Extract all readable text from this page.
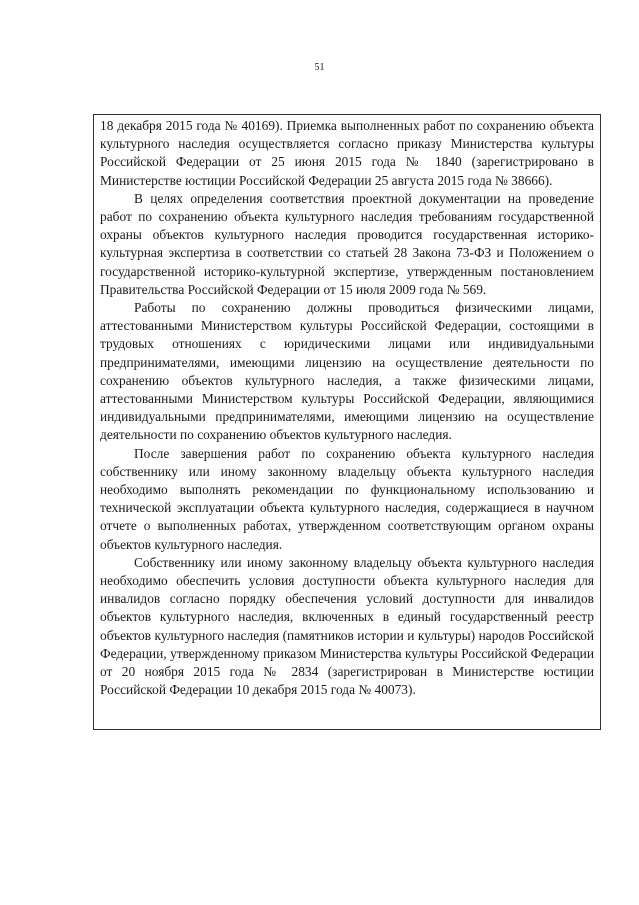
51

18 декабря 2015 года № 40169). Приемка выполненных работ по сохранению объекта культурного наследия осуществляется согласно приказу Министерства культуры Российской Федерации от 25 июня 2015 года № 1840 (зарегистрировано в Министерстве юстиции Российской Федерации 25 августа 2015 года № 38666).

В целях определения соответствия проектной документации на проведение работ по сохранению объекта культурного наследия требованиям государственной охраны объектов культурного наследия проводится государственная историко-культурная экспертиза в соответствии со статьей 28 Закона 73-ФЗ и Положением о государственной историко-культурной экспертизе, утвержденным постановлением Правительства Российской Федерации от 15 июля 2009 года № 569.

Работы по сохранению должны проводиться физическими лицами, аттестованными Министерством культуры Российской Федерации, состоящими в трудовых отношениях с юридическими лицами или индивидуальными предпринимателями, имеющими лицензию на осуществление деятельности по сохранению объектов культурного наследия, а также физическими лицами, аттестованными Министерством культуры Российской Федерации, являющимися индивидуальными предпринимателями, имеющими лицензию на осуществление деятельности по сохранению объектов культурного наследия.

После завершения работ по сохранению объекта культурного наследия собственнику или иному законному владельцу объекта культурного наследия необходимо выполнять рекомендации по функциональному использованию и технической эксплуатации объекта культурного наследия, содержащиеся в научном отчете о выполненных работах, утвержденном соответствующим органом охраны объектов культурного наследия.

Собственнику или иному законному владельцу объекта культурного наследия необходимо обеспечить условия доступности объекта культурного наследия для инвалидов согласно порядку обеспечения условий доступности для инвалидов объектов культурного наследия, включенных в единый государственный реестр объектов культурного наследия (памятников истории и культуры) народов Российской Федерации, утвержденному приказом Министерства культуры Российской Федерации от 20 ноября 2015 года № 2834 (зарегистрирован в Министерстве юстиции Российской Федерации 10 декабря 2015 года № 40073).
